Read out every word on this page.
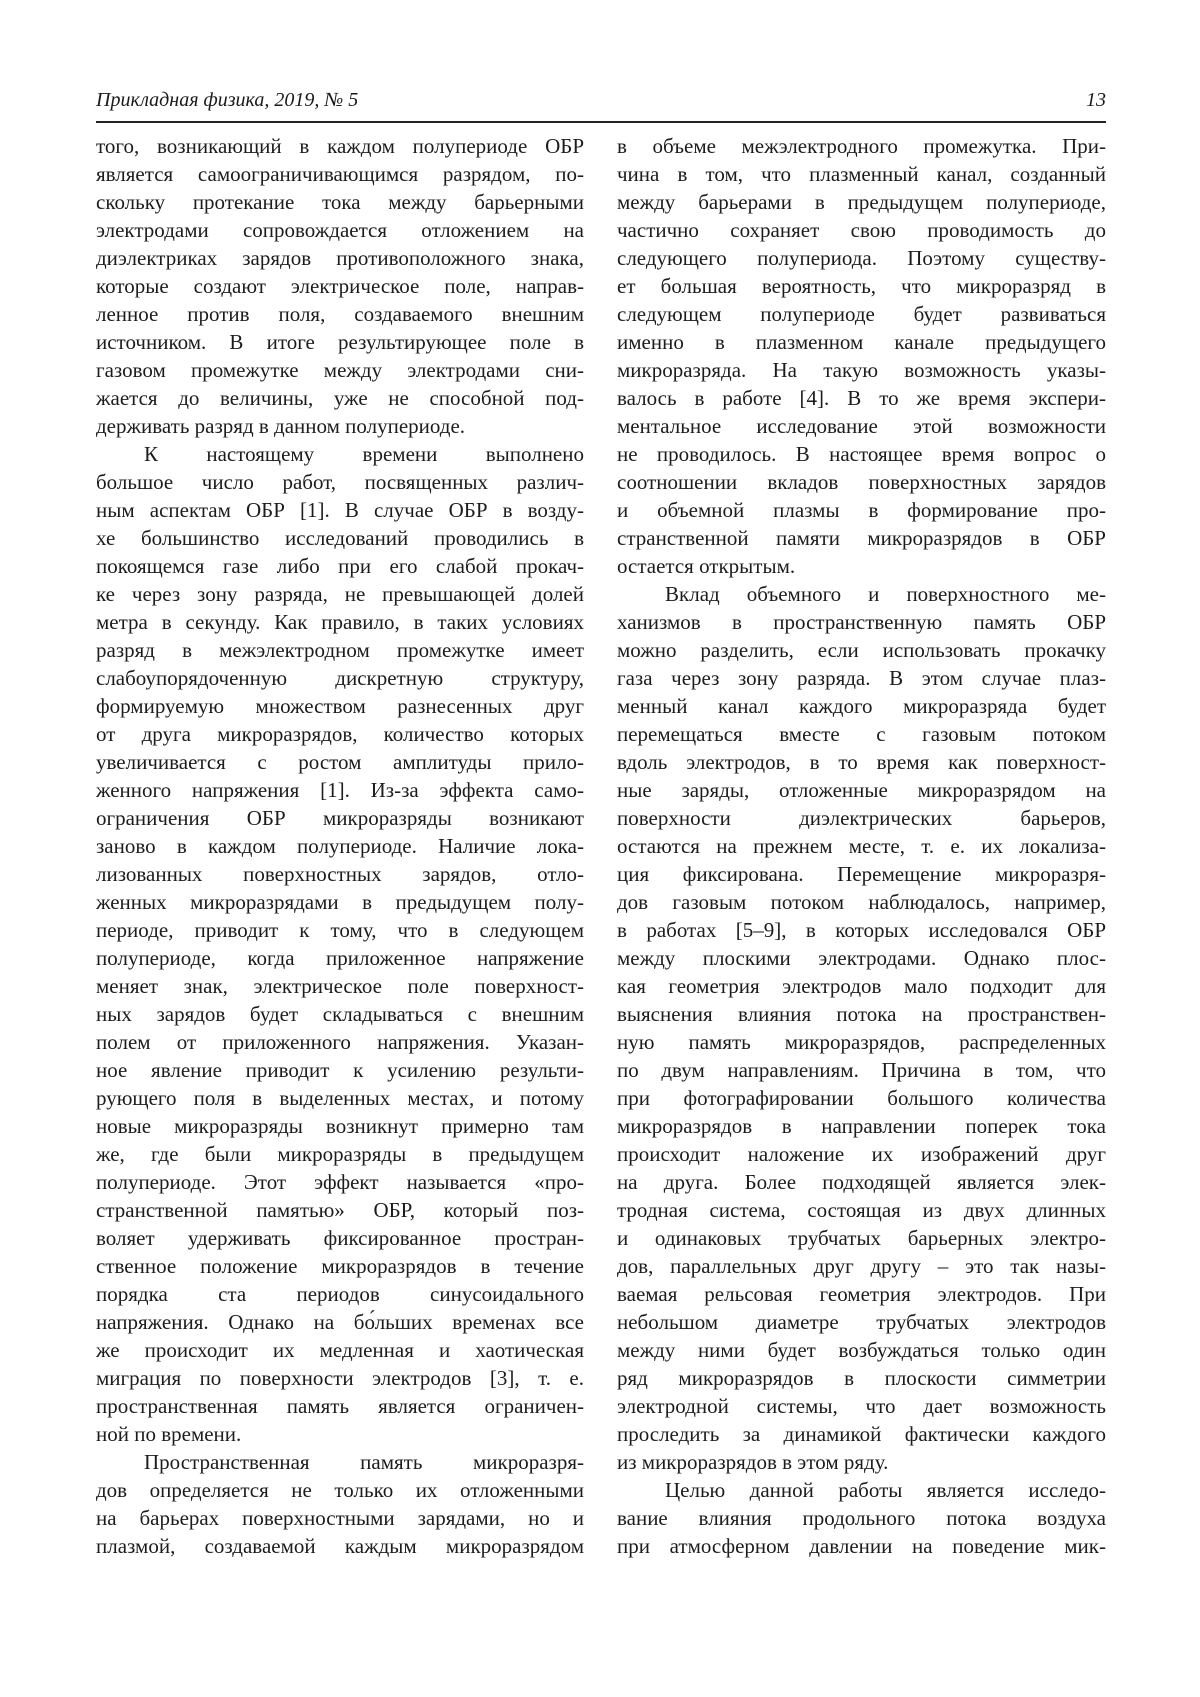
Прикладная физика, 2019, № 5	13
того, возникающий в каждом полупериоде ОБР
является самоограничивающимся разрядом, по-
скольку протекание тока между барьерными
электродами сопровождается отложением на
диэлектриках зарядов противоположного знака,
которые создают электрическое поле, направ-
ленное против поля, создаваемого внешним
источником. В итоге результирующее поле в
газовом промежутке между электродами сни-
жается до величины, уже не способной под-
держивать разряд в данном полупериоде.
К настоящему времени выполнено
большое число работ, посвященных различ-
ным аспектам ОБР [1]. В случае ОБР в возду-
хе большинство исследований проводились в
покоящемся газе либо при его слабой прокач-
ке через зону разряда, не превышающей долей
метра в секунду. Как правило, в таких условиях
разряд в межэлектродном промежутке имеет
слабоупорядоченную дискретную структуру,
формируемую множеством разнесенных друг
от друга микроразрядов, количество которых
увеличивается с ростом амплитуды прило-
женного напряжения [1]. Из-за эффекта само-
ограничения ОБР микроразряды возникают
заново в каждом полупериоде. Наличие лока-
лизованных поверхностных зарядов, отло-
женных микроразрядами в предыдущем полу-
периоде, приводит к тому, что в следующем
полупериоде, когда приложенное напряжение
меняет знак, электрическое поле поверхност-
ных зарядов будет складываться с внешним
полем от приложенного напряжения. Указан-
ное явление приводит к усилению результи-
рующего поля в выделенных местах, и потому
новые микроразряды возникнут примерно там
же, где были микроразряды в предыдущем
полупериоде. Этот эффект называется «про-
странственной памятью» ОБР, который поз-
воляет удерживать фиксированное простран-
ственное положение микроразрядов в течение
порядка ста периодов синусоидального
напряжения. Однако на бо́льших временах все
же происходит их медленная и хаотическая
миграция по поверхности электродов [3], т. е.
пространственная память является ограничен-
ной по времени.
Пространственная память микроразря-
дов определяется не только их отложенными
на барьерах поверхностными зарядами, но и
плазмой, создаваемой каждым микроразрядом
в объеме межэлектродного промежутка. При-
чина в том, что плазменный канал, созданный
между барьерами в предыдущем полупериоде,
частично сохраняет свою проводимость до
следующего полупериода. Поэтому существу-
ет большая вероятность, что микроразряд в
следующем полупериоде будет развиваться
именно в плазменном канале предыдущего
микроразряда. На такую возможность указы-
валось в работе [4]. В то же время экспери-
ментальное исследование этой возможности
не проводилось. В настоящее время вопрос о
соотношении вкладов поверхностных зарядов
и объемной плазмы в формирование про-
странственной памяти микроразрядов в ОБР
остается открытым.
Вклад объемного и поверхностного ме-
ханизмов в пространственную память ОБР
можно разделить, если использовать прокачку
газа через зону разряда. В этом случае плаз-
менный канал каждого микроразряда будет
перемещаться вместе с газовым потоком
вдоль электродов, в то время как поверхност-
ные заряды, отложенные микроразрядом на
поверхности диэлектрических барьеров,
остаются на прежнем месте, т. е. их локализа-
ция фиксирована. Перемещение микроразря-
дов газовым потоком наблюдалось, например,
в работах [5–9], в которых исследовался ОБР
между плоскими электродами. Однако плос-
кая геометрия электродов мало подходит для
выяснения влияния потока на пространствен-
ную память микроразрядов, распределенных
по двум направлениям. Причина в том, что
при фотографировании большого количества
микроразрядов в направлении поперек тока
происходит наложение их изображений друг
на друга. Более подходящей является элек-
тродная система, состоящая из двух длинных
и одинаковых трубчатых барьерных электро-
дов, параллельных друг другу – это так назы-
ваемая рельсовая геометрия электродов. При
небольшом диаметре трубчатых электродов
между ними будет возбуждаться только один
ряд микроразрядов в плоскости симметрии
электродной системы, что дает возможность
проследить за динамикой фактически каждого
из микроразрядов в этом ряду.
Целью данной работы является исследо-
вание влияния продольного потока воздуха
при атмосферном давлении на поведение мик-
